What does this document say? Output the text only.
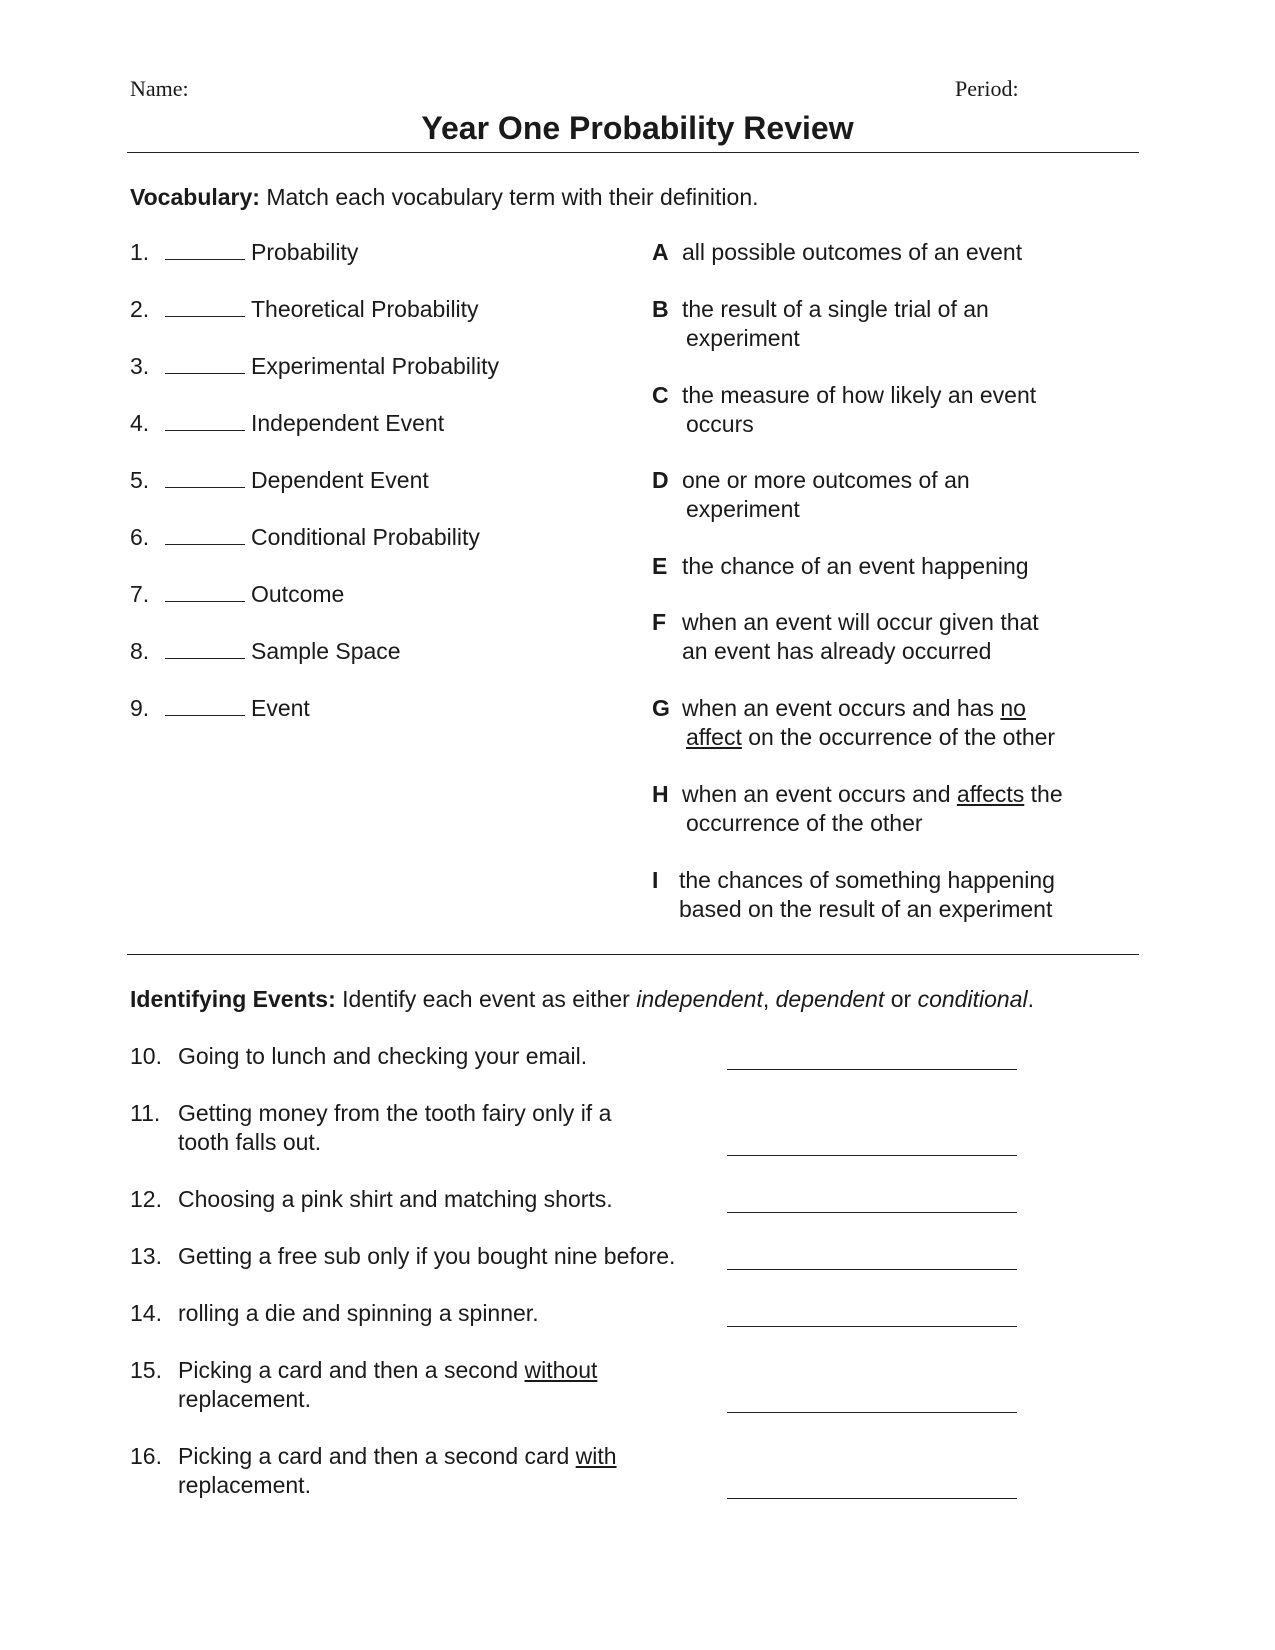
Name:	Period:
Year One Probability Review
Vocabulary: Match each vocabulary term with their definition.
1.	Probability
2.	Theoretical Probability
3.	Experimental Probability
4.	Independent Event
5.	Dependent Event
6.	Conditional Probability
7.	Outcome
8.	Sample Space
9.	Event
A all possible outcomes of an event
B the result of a single trial of an
experiment
C the measure of how likely an event
occurs
D one or more outcomes of an
experiment
E the chance of an event happening
F when an event will occur given that
an event has already occurred
G when an event occurs and has no
affect on the occurrence of the other
H when an event occurs and affects the
occurrence of the other
I the chances of something happening
based on the result of an experiment
Identifying Events: Identify each event as either independent, dependent or conditional.
10. Going to lunch and checking your email.
11. Getting money from the tooth fairy only if a
tooth falls out.
12. Choosing a pink shirt and matching shorts.
13. Getting a free sub only if you bought nine before.
14. rolling a die and spinning a spinner.
15. Picking a card and then a second without
replacement.
16. Picking a card and then a second card with
replacement.
